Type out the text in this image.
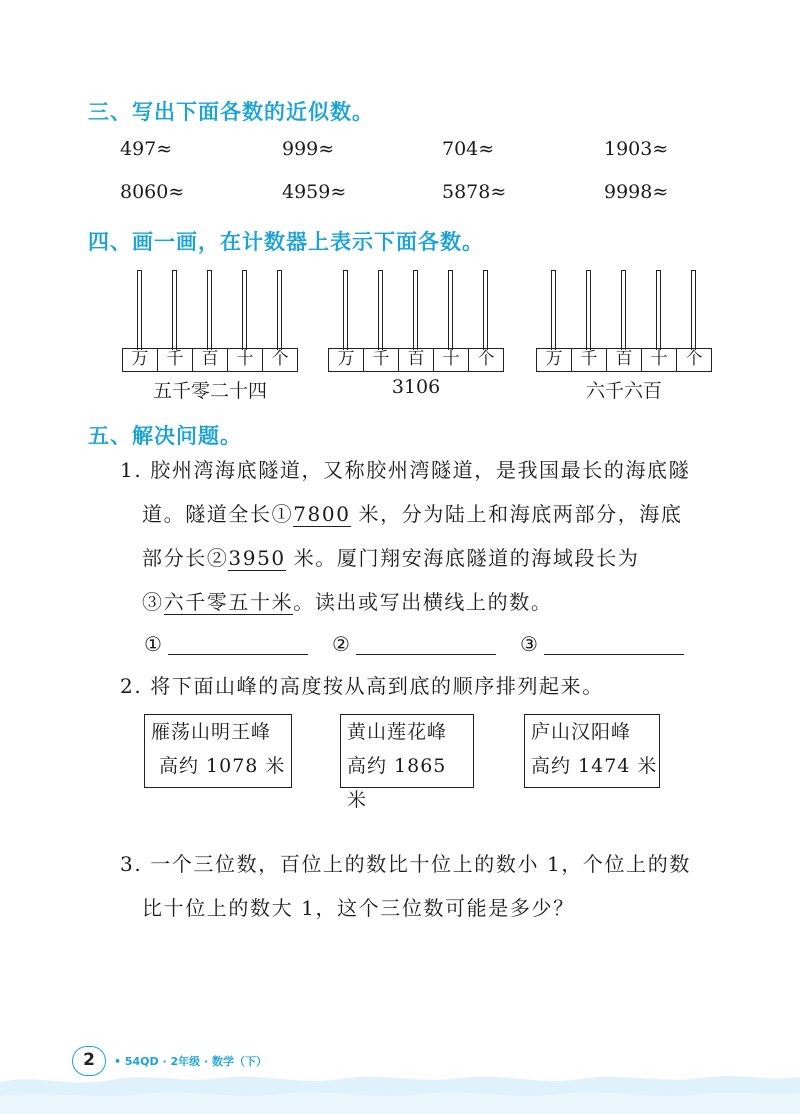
三、写出下面各数的近似数。
497≈	999≈	704≈	1903≈
8060≈	4959≈	5878≈	9998≈
四、画一画，在计数器上表示下面各数。
万	千	百	十	个
五千零二十四
万	千	百	十	个
3106
万	千	百	十	个
六千六百
五、解决问题。
1. 胶州湾海底隧道，又称胶州湾隧道，是我国最长的海底隧
道。隧道全长①7800 米，分为陆上和海底两部分，海底
部分长②3950 米。厦门翔安海底隧道的海域段长为
③六千零五十米。读出或写出横线上的数。
①	②	③
2. 将下面山峰的高度按从高到底的顺序排列起来。
雁荡山明王峰
高约 1078 米
黄山莲花峰
高约 1865 米
庐山汉阳峰
高约 1474 米
3. 一个三位数，百位上的数比十位上的数小 1，个位上的数
比十位上的数大 1，这个三位数可能是多少？
2	• 54QD · 2年级 · 数学（下）
